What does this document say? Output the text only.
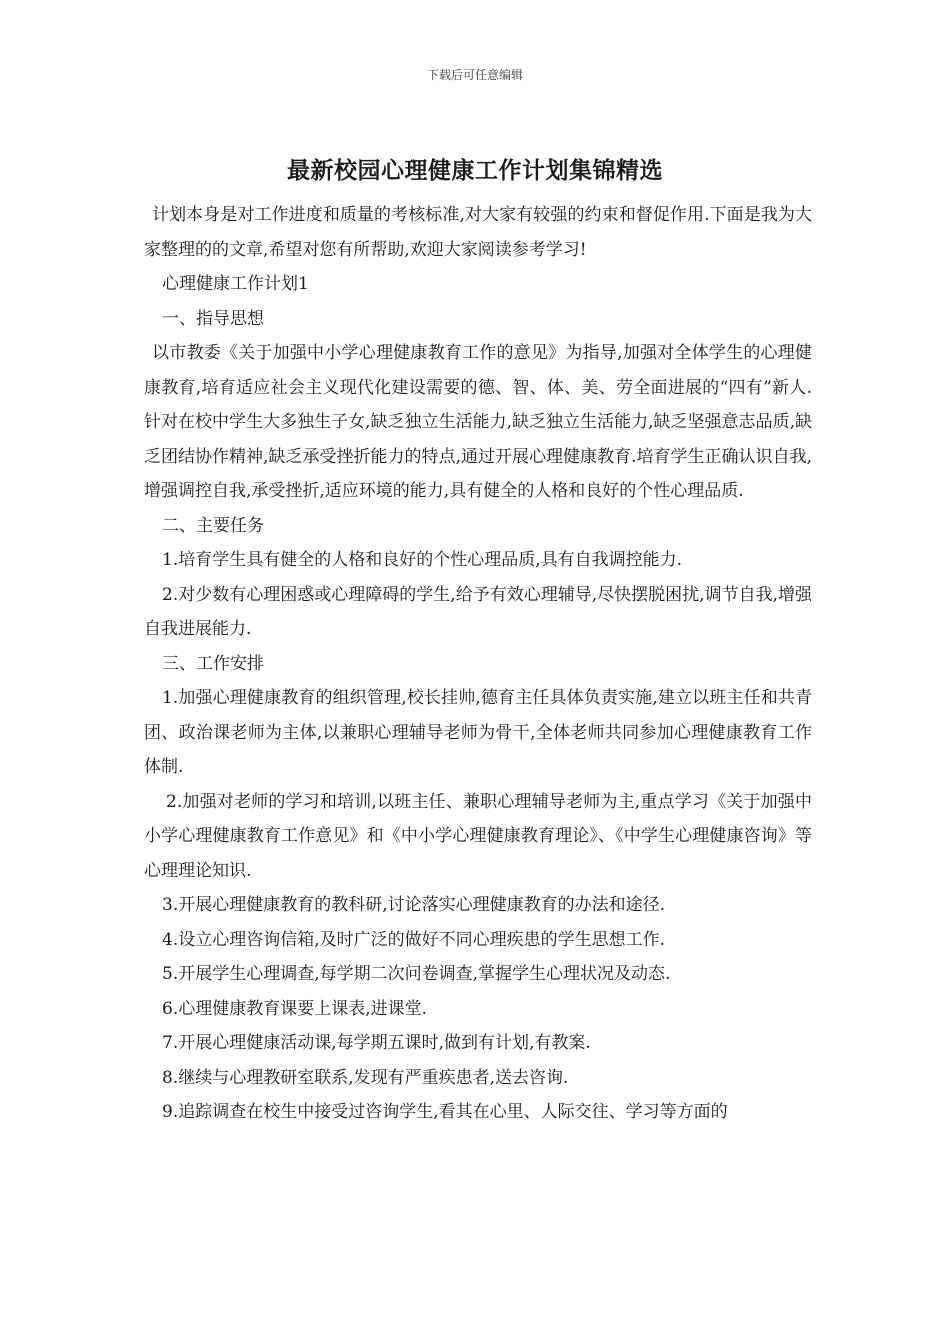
下载后可任意编辑
最新校园心理健康工作计划集锦精选

计划本身是对工作进度和质量的考核标准,对大家有较强的约束和督促作用.下面是我为大家整理的的文章,希望对您有所帮助,欢迎大家阅读参考学习!

心理健康工作计划1

一、指导思想

以市教委《关于加强中小学心理健康教育工作的意见》为指导,加强对全体学生的心理健康教育,培育适应社会主义现代化建设需要的德、智、体、美、劳全面进展的“四有”新人.针对在校中学生大多独生子女,缺乏独立生活能力,缺乏独立生活能力,缺乏坚强意志品质,缺乏团结协作精神,缺乏承受挫折能力的特点,通过开展心理健康教育.培育学生正确认识自我,增强调控自我,承受挫折,适应环境的能力,具有健全的人格和良好的个性心理品质.

二、主要任务

1.培育学生具有健全的人格和良好的个性心理品质,具有自我调控能力.

2.对少数有心理困惑或心理障碍的学生,给予有效心理辅导,尽快摆脱困扰,调节自我,增强自我进展能力.

三、工作安排

1.加强心理健康教育的组织管理,校长挂帅,德育主任具体负责实施,建立以班主任和共青团、政治课老师为主体,以兼职心理辅导老师为骨干,全体老师共同参加心理健康教育工作体制.

2.加强对老师的学习和培训,以班主任、兼职心理辅导老师为主,重点学习《关于加强中小学心理健康教育工作意见》和《中小学心理健康教育理论》、《中学生心理健康咨询》等心理理论知识.

3.开展心理健康教育的教科研,讨论落实心理健康教育的办法和途径.

4.设立心理咨询信箱,及时广泛的做好不同心理疾患的学生思想工作.

5.开展学生心理调查,每学期二次问卷调查,掌握学生心理状况及动态.

6.心理健康教育课要上课表,进课堂.

7.开展心理健康活动课,每学期五课时,做到有计划,有教案.

8.继续与心理教研室联系,发现有严重疾患者,送去咨询.

9.追踪调查在校生中接受过咨询学生,看其在心里、人际交往、学习等方面的
